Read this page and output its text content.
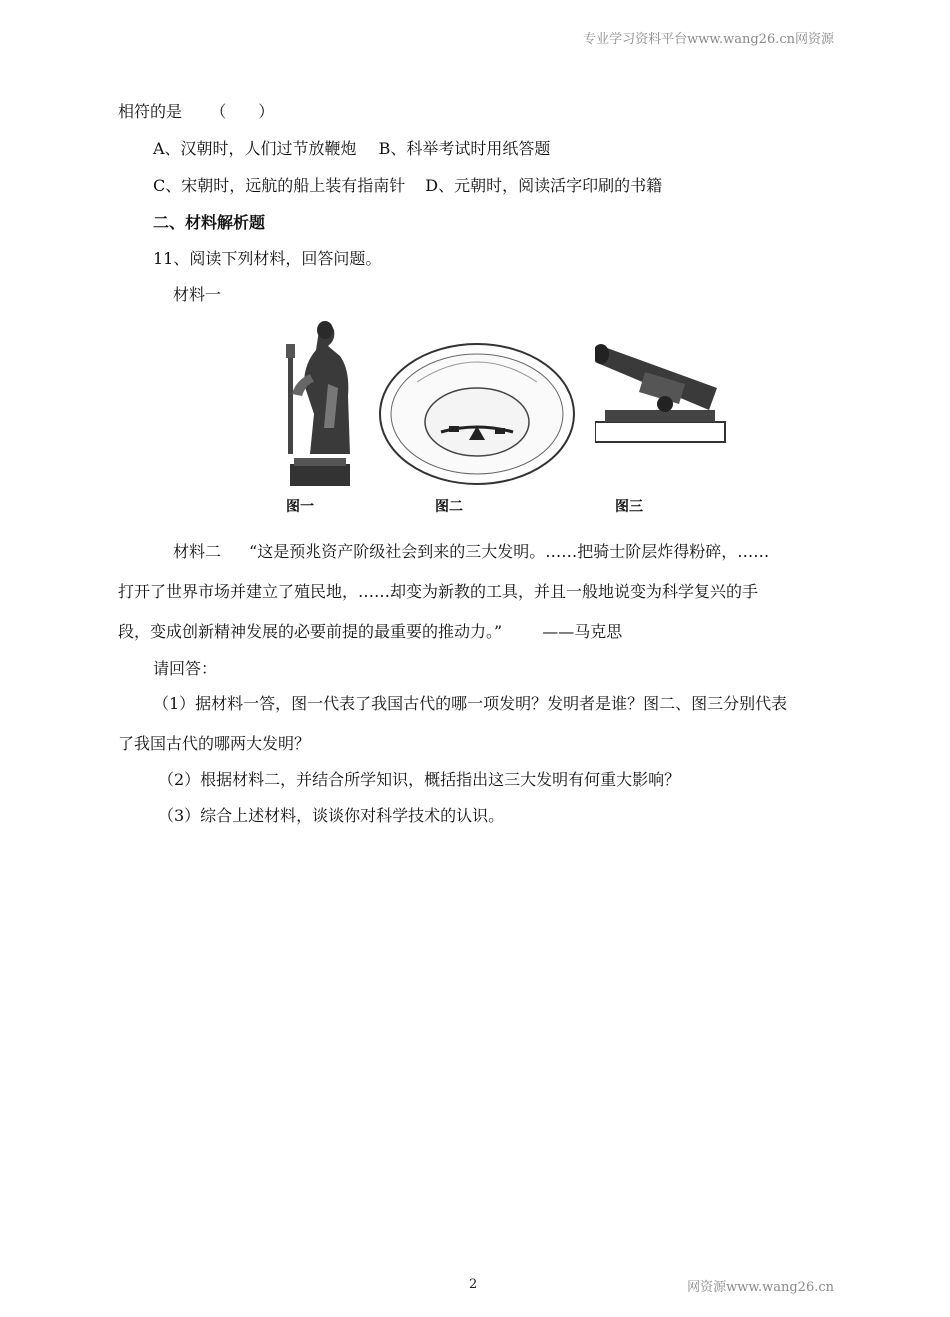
专业学习资料平台www.wang26.cn网资源
相符的是 （　　）
A、汉朝时，人们过节放鞭炮 B、科举考试时用纸答题
C、宋朝时，远航的船上装有指南针 D、元朝时，阅读活字印刷的书籍
二、材料解析题
11、阅读下列材料，回答问题。
材料一
图一	图二	图三
材料二 “这是预兆资产阶级社会到来的三大发明。……把骑士阶层炸得粉碎，……
打开了世界市场并建立了殖民地，……却变为新教的工具，并且一般地说变为科学复兴的手
段，变成创新精神发展的必要前提的最重要的推动力。”	——马克思
请回答：
（1）据材料一答，图一代表了我国古代的哪一项发明？发明者是谁？图二、图三分别代表
了我国古代的哪两大发明？
（2）根据材料二，并结合所学知识，概括指出这三大发明有何重大影响？
（3）综合上述材料，谈谈你对科学技术的认识。
2	网资源www.wang26.cn
